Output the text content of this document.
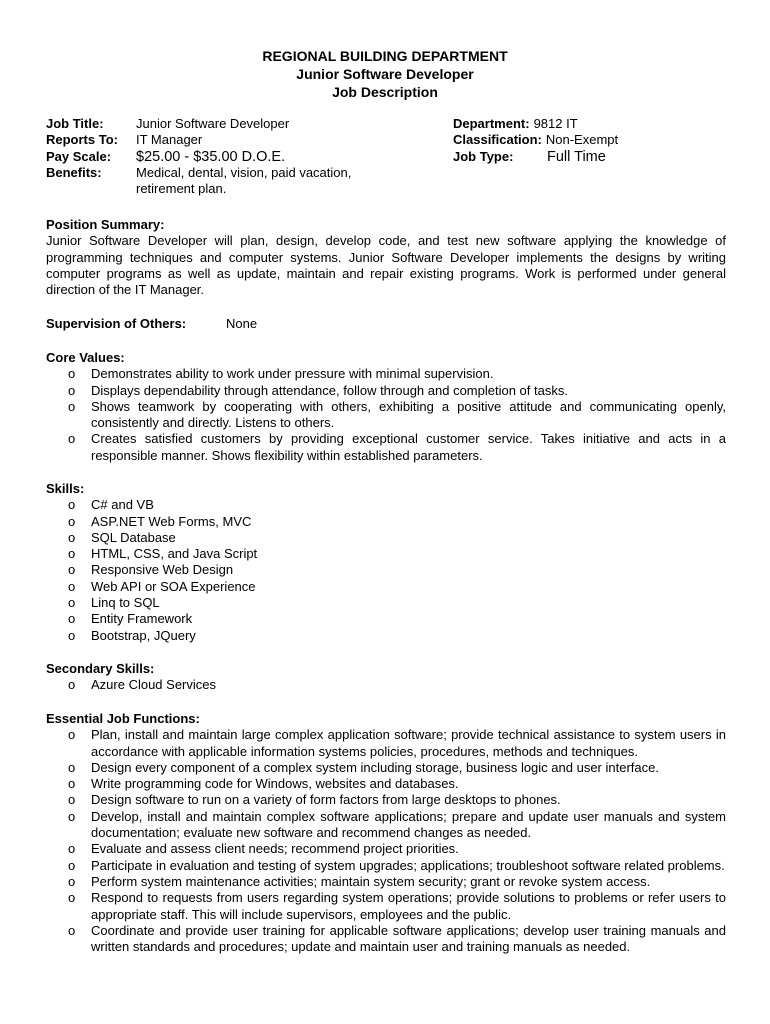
REGIONAL BUILDING DEPARTMENT
Junior Software Developer
Job Description
Job Title:	Junior Software Developer
Reports To:	IT Manager
Pay Scale:	$25.00 - $35.00 D.O.E.
Benefits:	Medical, dental, vision, paid vacation, retirement plan.
Department: 9812 IT
Classification: Non-Exempt
Job Type:	Full Time
Position Summary:

Junior Software Developer will plan, design, develop code, and test new software applying the knowledge of programming techniques and computer systems. Junior Software Developer implements the designs by writing computer programs as well as update, maintain and repair existing programs. Work is performed under general direction of the IT Manager.

Supervision of Others:	None
Core Values:
o Demonstrates ability to work under pressure with minimal supervision.
o Displays dependability through attendance, follow through and completion of tasks.
o Shows teamwork by cooperating with others, exhibiting a positive attitude and communicating openly, consistently and directly. Listens to others.
o Creates satisfied customers by providing exceptional customer service. Takes initiative and acts in a responsible manner. Shows flexibility within established parameters.
Skills:
o C# and VB
o ASP.NET Web Forms, MVC
o SQL Database
o HTML, CSS, and Java Script
o Responsive Web Design
o Web API or SOA Experience
o Linq to SQL
o Entity Framework
o Bootstrap, JQuery
Secondary Skills:
o Azure Cloud Services
Essential Job Functions:
o Plan, install and maintain large complex application software; provide technical assistance to system users in accordance with applicable information systems policies, procedures, methods and techniques.
o Design every component of a complex system including storage, business logic and user interface.
o Write programming code for Windows, websites and databases.
o Design software to run on a variety of form factors from large desktops to phones.
o Develop, install and maintain complex software applications; prepare and update user manuals and system documentation; evaluate new software and recommend changes as needed.
o Evaluate and assess client needs; recommend project priorities.
o Participate in evaluation and testing of system upgrades; applications; troubleshoot software related problems.
o Perform system maintenance activities; maintain system security; grant or revoke system access.
o Respond to requests from users regarding system operations; provide solutions to problems or refer users to appropriate staff. This will include supervisors, employees and the public.
o Coordinate and provide user training for applicable software applications; develop user training manuals and written standards and procedures; update and maintain user and training manuals as needed.
